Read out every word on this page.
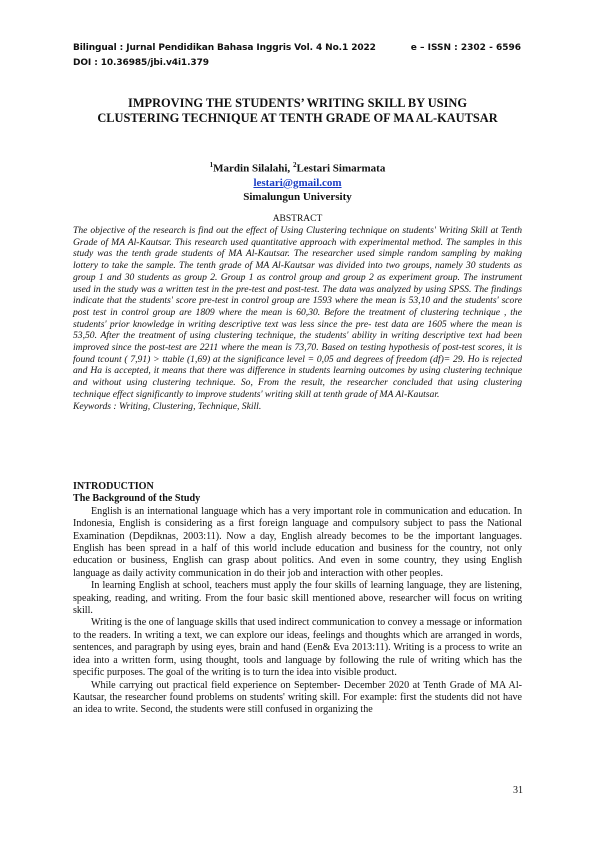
Bilingual : Jurnal Pendidikan Bahasa Inggris Vol. 4 No.1 2022
DOI : 10.36985/jbi.v4i1.379
e – ISSN : 2302 - 6596
IMPROVING THE STUDENTS’ WRITING SKILL BY USING CLUSTERING TECHNIQUE AT TENTH GRADE OF MA AL-KAUTSAR
$^1$Mardin Silalahi, $^2$Lestari Simarmata
lestari@gmail.com
Simalungun University
ABSTRACT
The objective of the research is find out the effect of Using Clustering technique on students' Writing Skill at Tenth Grade of MA Al-Kautsar. This research used quantitative approach with experimental method. The samples in this study was the tenth grade students of MA Al-Kautsar. The researcher used simple random sampling by making lottery to take the sample. The tenth grade of MA Al-Kautsar was divided into two groups, namely 30 students as group 1 and 30 students as group 2. Group 1 as control group and group 2 as experiment group. The instrument used in the study was a written test in the pre-test and post-test. The data was analyzed by using SPSS. The findings indicate that the students' score pre-test in control group are 1593 where the mean is 53,10 and the students' score post test in control group are 1809 where the mean is 60,30. Before the treatment of clustering technique , the students' prior knowledge in writing descriptive text was less since the pre- test data are 1605 where the mean is 53,50. After the treatment of using clustering technique, the students' ability in writing descriptive text had been improved since the post-test are 2211 where the mean is 73,70. Based on testing hypothesis of post-test scores, it is found tcount ( 7,91) > ttable (1,69) at the significance level = 0,05 and degrees of freedom (df)= 29. Ho is rejected and Ha is accepted, it means that there was difference in students learning outcomes by using clustering technique and without using clustering technique. So, From the result, the researcher concluded that using clustering technique effect significantly to improve students' writing skill at tenth grade of MA Al-Kautsar.
Keywords : Writing, Clustering, Technique, Skill.
INTRODUCTION
The Background of the Study

English is an international language which has a very important role in communication and education. In Indonesia, English is considering as a first foreign language and compulsory subject to pass the National Examination (Depdiknas, 2003:11). Now a day, English already becomes to be the important languages. English has been spread in a half of this world include education and business for the country, not only education or business, English can grasp about politics. And even in some country, they using English language as daily activity communication in do their job and interaction with other peoples.

In learning English at school, teachers must apply the four skills of learning language, they are listening, speaking, reading, and writing. From the four basic skill mentioned above, researcher will focus on writing skill.

Writing is the one of language skills that used indirect communication to convey a message or information to the readers. In writing a text, we can explore our ideas, feelings and thoughts which are arranged in words, sentences, and paragraph by using eyes, brain and hand (Een& Eva 2013:11). Writing is a process to write an idea into a written form, using thought, tools and language by following the rule of writing which has the specific purposes. The goal of the writing is to turn the idea into visible product.

While carrying out practical field experience on September- December 2020 at Tenth Grade of MA Al-Kautsar, the researcher found problems on students' writing skill. For example: first the students did not have an idea to write. Second, the students were still confused in organizing the

31
